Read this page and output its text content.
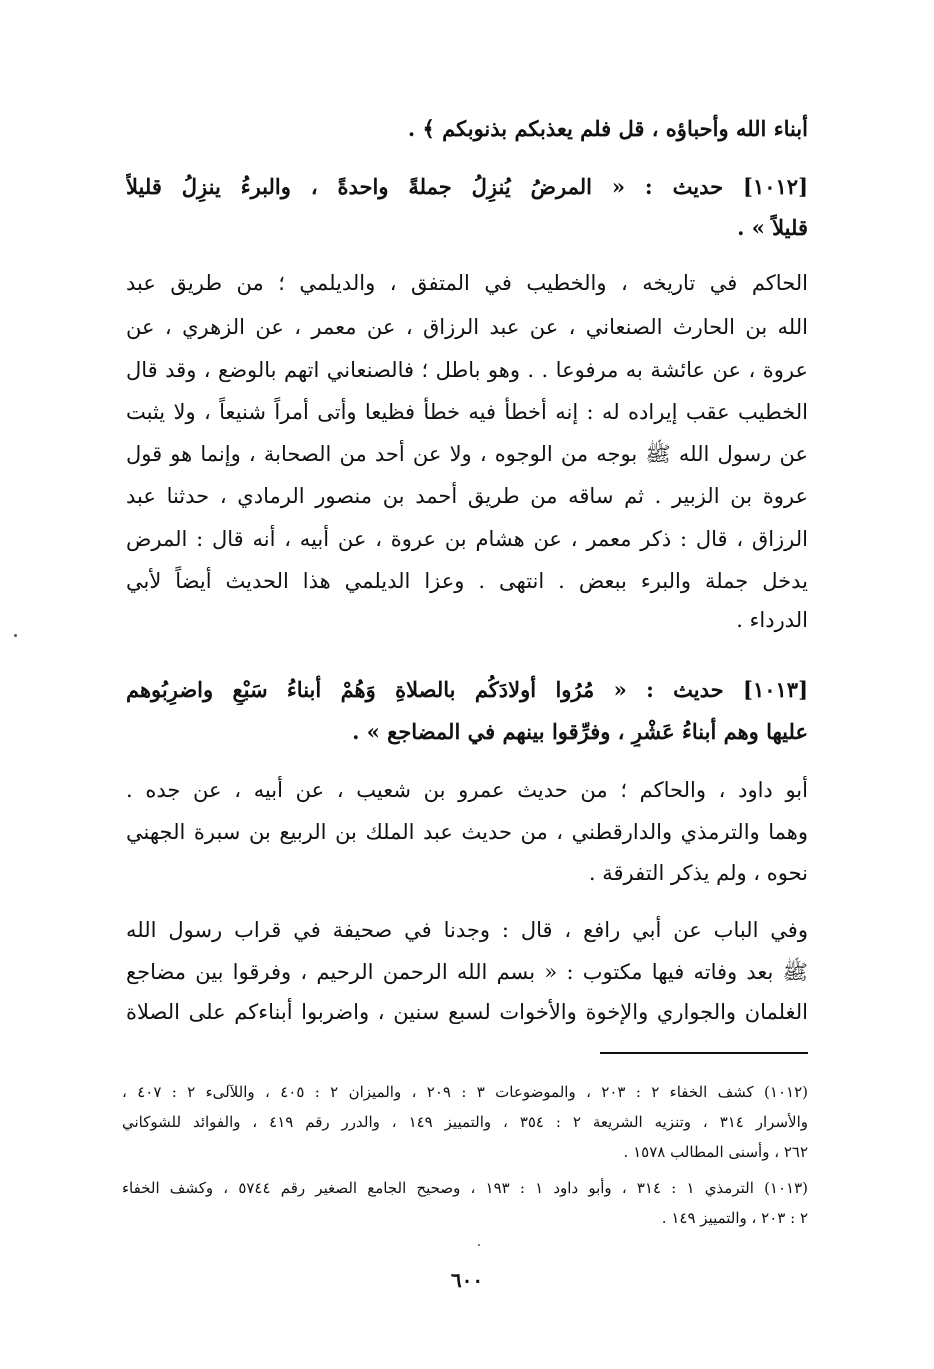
أبناء الله وأحباؤه ، قل فلم يعذبكم بذنوبكم ﴾ .
[١٠١٢] حديث : « المرضُ يُنزِلُ جملةً واحدةً ، والبرءُ ينزِلُ قليلاً
قليلاً » .
الحاكم في تاريخه ، والخطيب في المتفق ، والديلمي ؛ من طريق عبد
الله بن الحارث الصنعاني ، عن عبد الرزاق ، عن معمر ، عن الزهري ، عن
عروة ، عن عائشة به مرفوعا . . وهو باطل ؛ فالصنعاني اتهم بالوضع ، وقد قال
الخطيب عقب إيراده له : إنه أخطأ فيه خطأ فظيعا وأتى أمراً شنيعاً ، ولا يثبت
عن رسول الله ﷺ بوجه من الوجوه ، ولا عن أحد من الصحابة ، وإنما هو قول
عروة بن الزبير . ثم ساقه من طريق أحمد بن منصور الرمادي ، حدثنا عبد
الرزاق ، قال : ذكر معمر ، عن هشام بن عروة ، عن أبيه ، أنه قال : المرض
يدخل جملة والبرء ببعض . انتهى . وعزا الديلمي هذا الحديث أيضاً لأبي
الدرداء .
[١٠١٣] حديث : « مُرُوا أولادَكُم بالصلاةِ وَهُمْ أبناءُ سَبْعٍ واضرِبُوهم
عليها وهم أبناءُ عَشْرٍ ، وفرِّقوا بينهم في المضاجع » .
أبو داود ، والحاكم ؛ من حديث عمرو بن شعيب ، عن أبيه ، عن جده .
وهما والترمذي والدارقطني ، من حديث عبد الملك بن الربيع بن سبرة الجهني
نحوه ، ولم يذكر التفرقة .
وفي الباب عن أبي رافع ، قال : وجدنا في صحيفة في قراب رسول الله
ﷺ بعد وفاته فيها مكتوب : « بسم الله الرحمن الرحيم ، وفرقوا بين مضاجع
الغلمان والجواري والإخوة والأخوات لسبع سنين ، واضربوا أبناءكم على الصلاة
(١٠١٢) كشف الخفاء ٢ : ٢٠٣ ، والموضوعات ٣ : ٢٠٩ ، والميزان ٢ : ٤٠٥ ، واللآلىء ٢ : ٤٠٧ ،
والأسرار ٣١٤ ، وتنزيه الشريعة ٢ : ٣٥٤ ، والتمييز ١٤٩ ، والدرر رقم ٤١٩ ، والفوائد للشوكاني
٢٦٢ ، وأسنى المطالب ١٥٧٨ .
(١٠١٣) الترمذي ١ : ٣١٤ ، وأبو داود ١ : ١٩٣ ، وصحيح الجامع الصغير رقم ٥٧٤٤ ، وكشف الخفاء
٢ : ٢٠٣ ، والتمييز ١٤٩ .
٦٠٠
